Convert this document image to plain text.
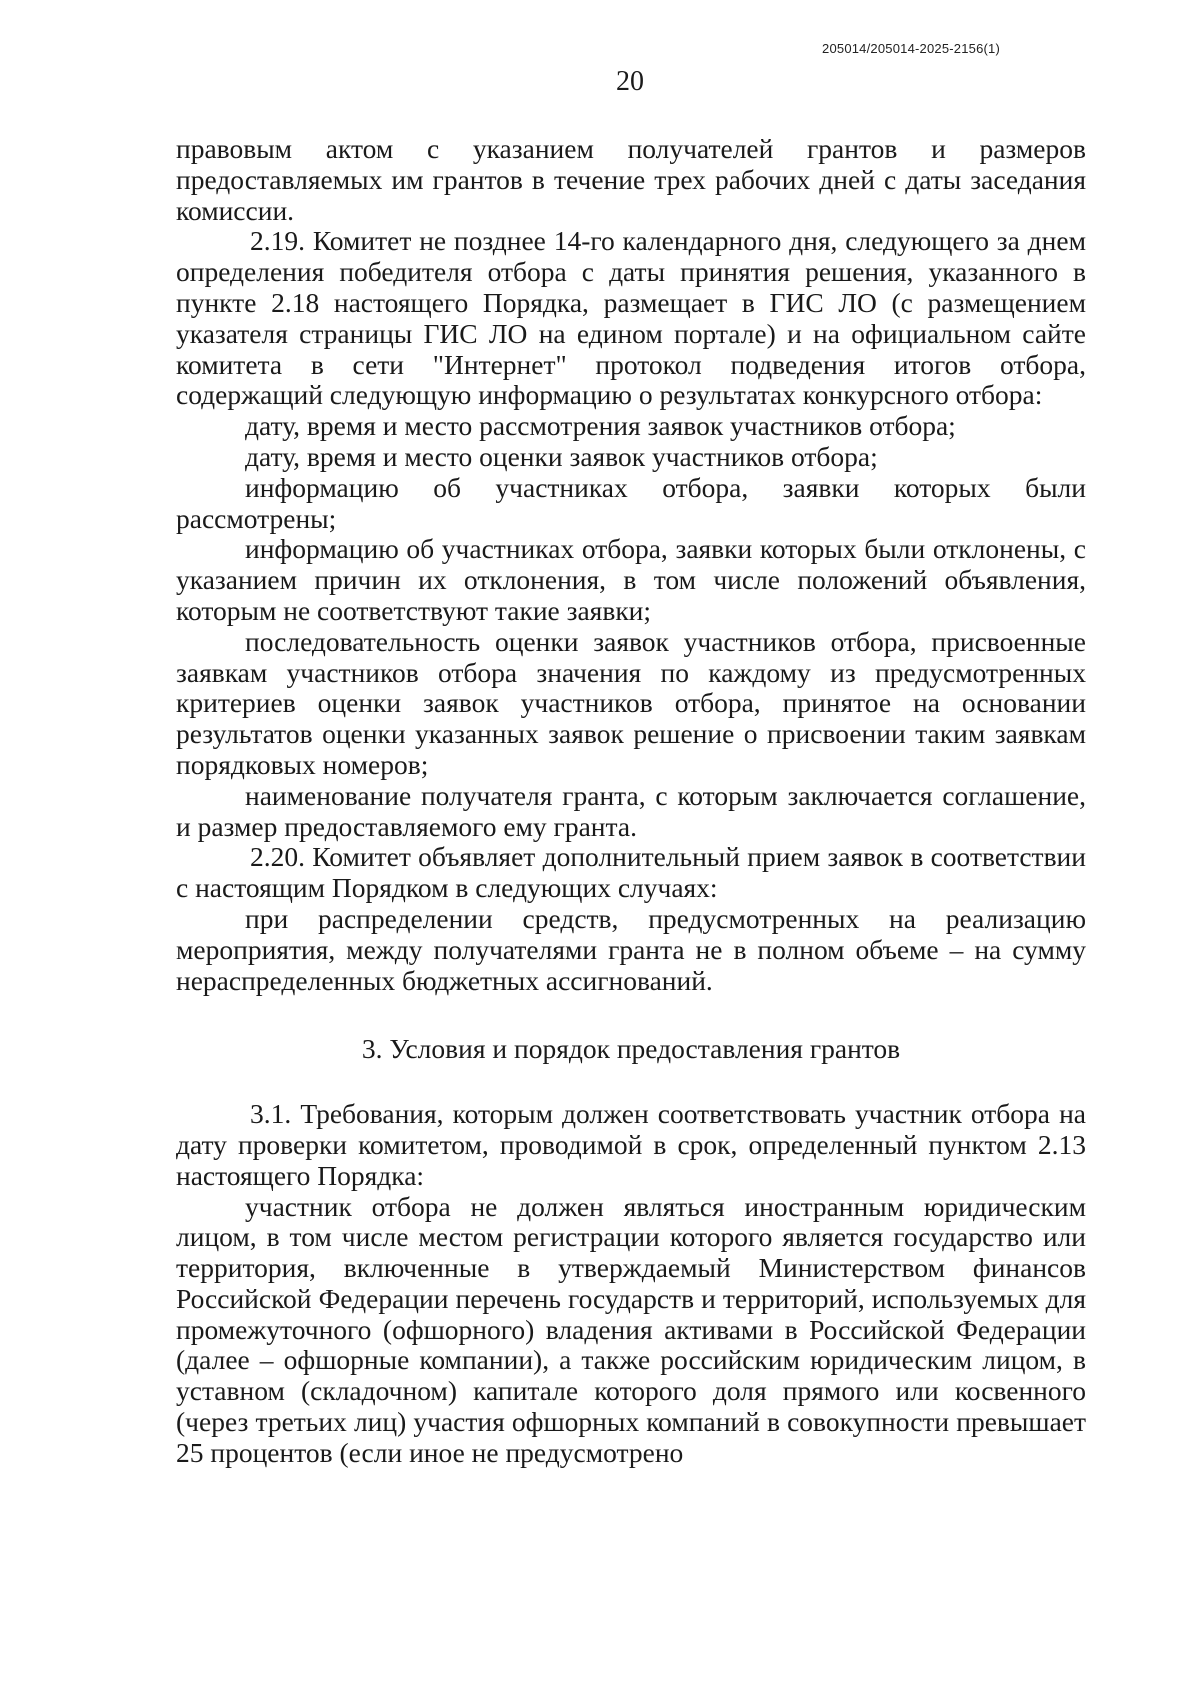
205014/205014-2025-2156(1)
20

правовым актом с указанием получателей грантов и размеров предоставляемых им грантов в течение трех рабочих дней с даты заседания комиссии.

2.19. Комитет не позднее 14-го календарного дня, следующего за днем определения победителя отбора с даты принятия решения, указанного в пункте 2.18 настоящего Порядка, размещает в ГИС ЛО (с размещением указателя страницы ГИС ЛО на едином портале) и на официальном сайте комитета в сети "Интернет" протокол подведения итогов отбора, содержащий следующую информацию о результатах конкурсного отбора:

дату, время и место рассмотрения заявок участников отбора;

дату, время и место оценки заявок участников отбора;

информацию об участниках отбора, заявки которых были рассмотрены;

информацию об участниках отбора, заявки которых были отклонены, с указанием причин их отклонения, в том числе положений объявления, которым не соответствуют такие заявки;

последовательность оценки заявок участников отбора, присвоенные заявкам участников отбора значения по каждому из предусмотренных критериев оценки заявок участников отбора, принятое на основании результатов оценки указанных заявок решение о присвоении таким заявкам порядковых номеров;

наименование получателя гранта, с которым заключается соглашение, и размер предоставляемого ему гранта.

2.20. Комитет объявляет дополнительный прием заявок в соответствии с настоящим Порядком в следующих случаях:

при распределении средств, предусмотренных на реализацию мероприятия, между получателями гранта не в полном объеме – на сумму нераспределенных бюджетных ассигнований.

3. Условия и порядок предоставления грантов

3.1. Требования, которым должен соответствовать участник отбора на дату проверки комитетом, проводимой в срок, определенный пунктом 2.13 настоящего Порядка:

участник отбора не должен являться иностранным юридическим лицом, в том числе местом регистрации которого является государство или территория, включенные в утверждаемый Министерством финансов Российской Федерации перечень государств и территорий, используемых для промежуточного (офшорного) владения активами в Российской Федерации (далее – офшорные компании), а также российским юридическим лицом, в уставном (складочном) капитале которого доля прямого или косвенного (через третьих лиц) участия офшорных компаний в совокупности превышает 25 процентов (если иное не предусмотрено
